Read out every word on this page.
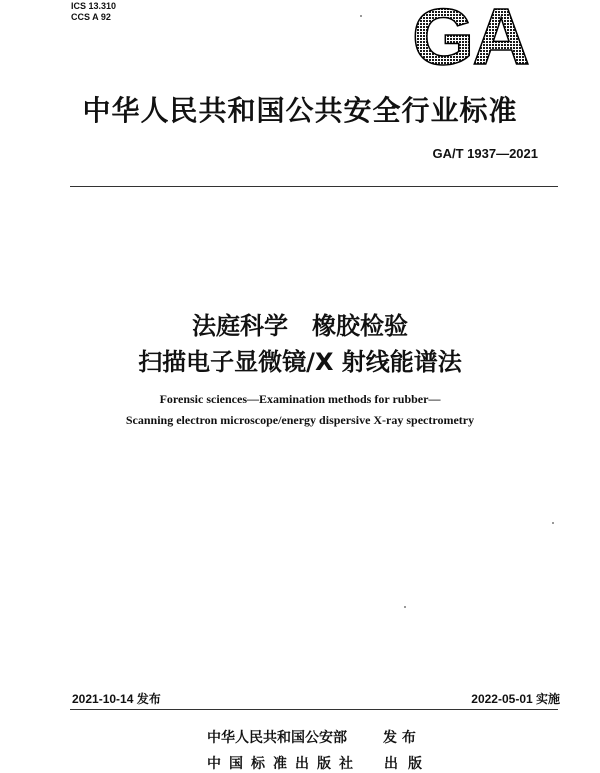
ICS 13.310
CCS A 92	GA
中华人民共和国公共安全行业标准
GA/T 1937—2021
法庭科学　橡胶检验
扫描电子显微镜/X 射线能谱法
Forensic sciences—Examination methods for rubber—
Scanning electron microscope/energy dispersive X-ray spectrometry
2021-10-14 发布	2022-05-01 实施
中华人民共和国公安部	发 布
中国标准出版社 出版
